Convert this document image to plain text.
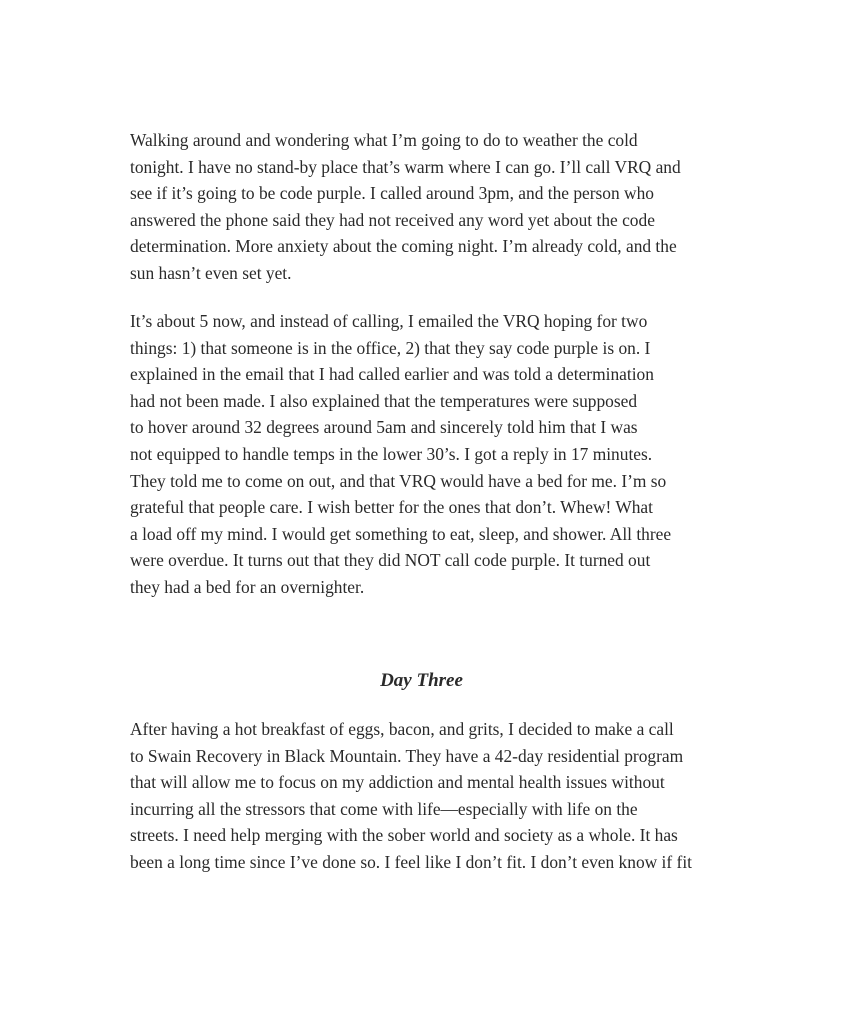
Walking around and wondering what I’m going to do to weather the cold
tonight. I have no stand-by place that’s warm where I can go. I’ll call VRQ and
see if it’s going to be code purple. I called around 3pm, and the person who
answered the phone said they had not received any word yet about the code
determination. More anxiety about the coming night. I’m already cold, and the
sun hasn’t even set yet.
It’s about 5 now, and instead of calling, I emailed the VRQ hoping for two
things: 1) that someone is in the office, 2) that they say code purple is on. I
explained in the email that I had called earlier and was told a determination
had not been made. I also explained that the temperatures were supposed
to hover around 32 degrees around 5am and sincerely told him that I was
not equipped to handle temps in the lower 30’s. I got a reply in 17 minutes.
They told me to come on out, and that VRQ would have a bed for me. I’m so
grateful that people care. I wish better for the ones that don’t. Whew! What
a load off my mind. I would get something to eat, sleep, and shower. All three
were overdue. It turns out that they did NOT call code purple. It turned out
they had a bed for an overnighter.
Day Three
After having a hot breakfast of eggs, bacon, and grits, I decided to make a call
to Swain Recovery in Black Mountain. They have a 42-day residential program
that will allow me to focus on my addiction and mental health issues without
incurring all the stressors that come with life—especially with life on the
streets. I need help merging with the sober world and society as a whole. It has
been a long time since I’ve done so. I feel like I don’t fit. I don’t even know if fit
